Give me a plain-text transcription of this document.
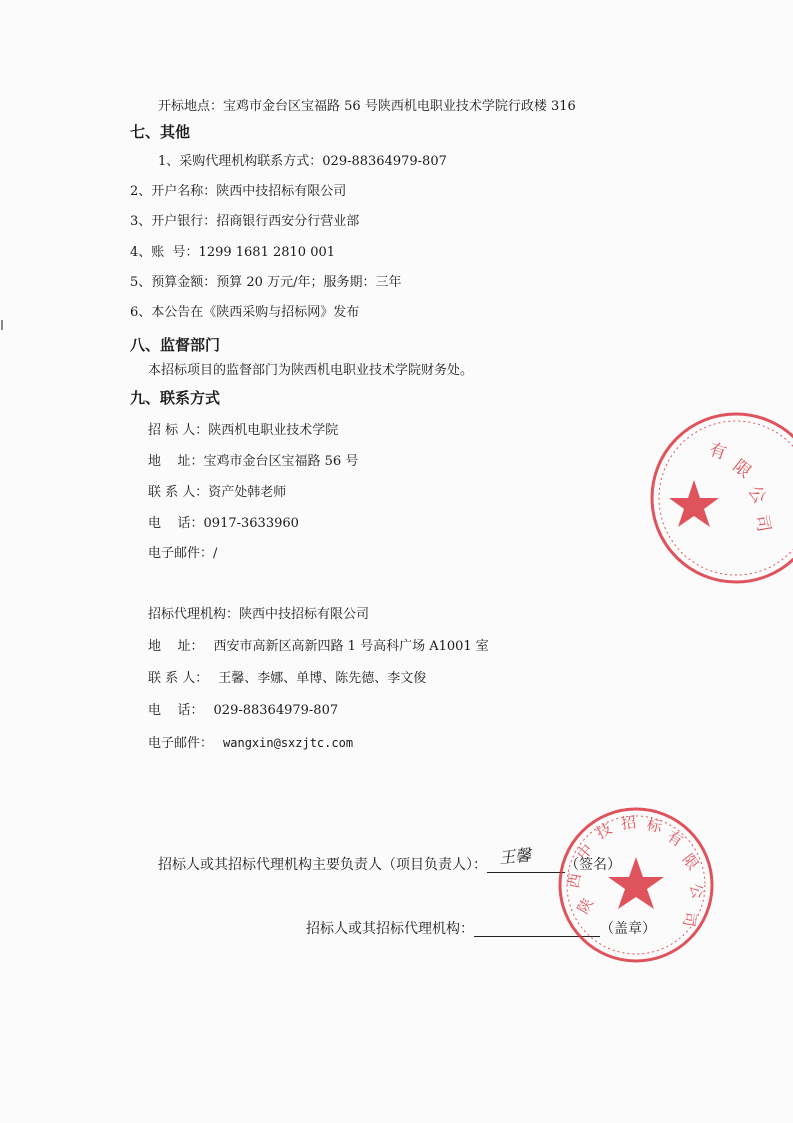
开标地点：宝鸡市金台区宝福路 56 号陕西机电职业技术学院行政楼 316
七、其他
1、采购代理机构联系方式：029-88364979-807
2、开户名称：陕西中技招标有限公司
3、开户银行：招商银行西安分行营业部
4、账  号：1299 1681 2810 001
5、预算金额：预算 20 万元/年；服务期：三年
6、本公告在《陕西采购与招标网》发布
八、监督部门
本招标项目的监督部门为陕西机电职业技术学院财务处。
九、联系方式
招 标 人：陕西机电职业技术学院
地    址：宝鸡市金台区宝福路 56 号
联 系 人：资产处韩老师
电    话：0917-3633960
电子邮件：/
招标代理机构：陕西中技招标有限公司
地    址： 西安市高新区高新四路 1 号高科广场 A1001 室
联 系 人： 王馨、李娜、单博、陈先德、李文俊
电    话： 029-88364979-807
电子邮件： wangxin@sxzjtc.com
招标人或其招标代理机构主要负责人（项目负责人）： 王馨 （签名）
招标人或其招标代理机构：	（盖章）
有
限
公
司
陕
西
中
技 招 标
有
限
公
司
